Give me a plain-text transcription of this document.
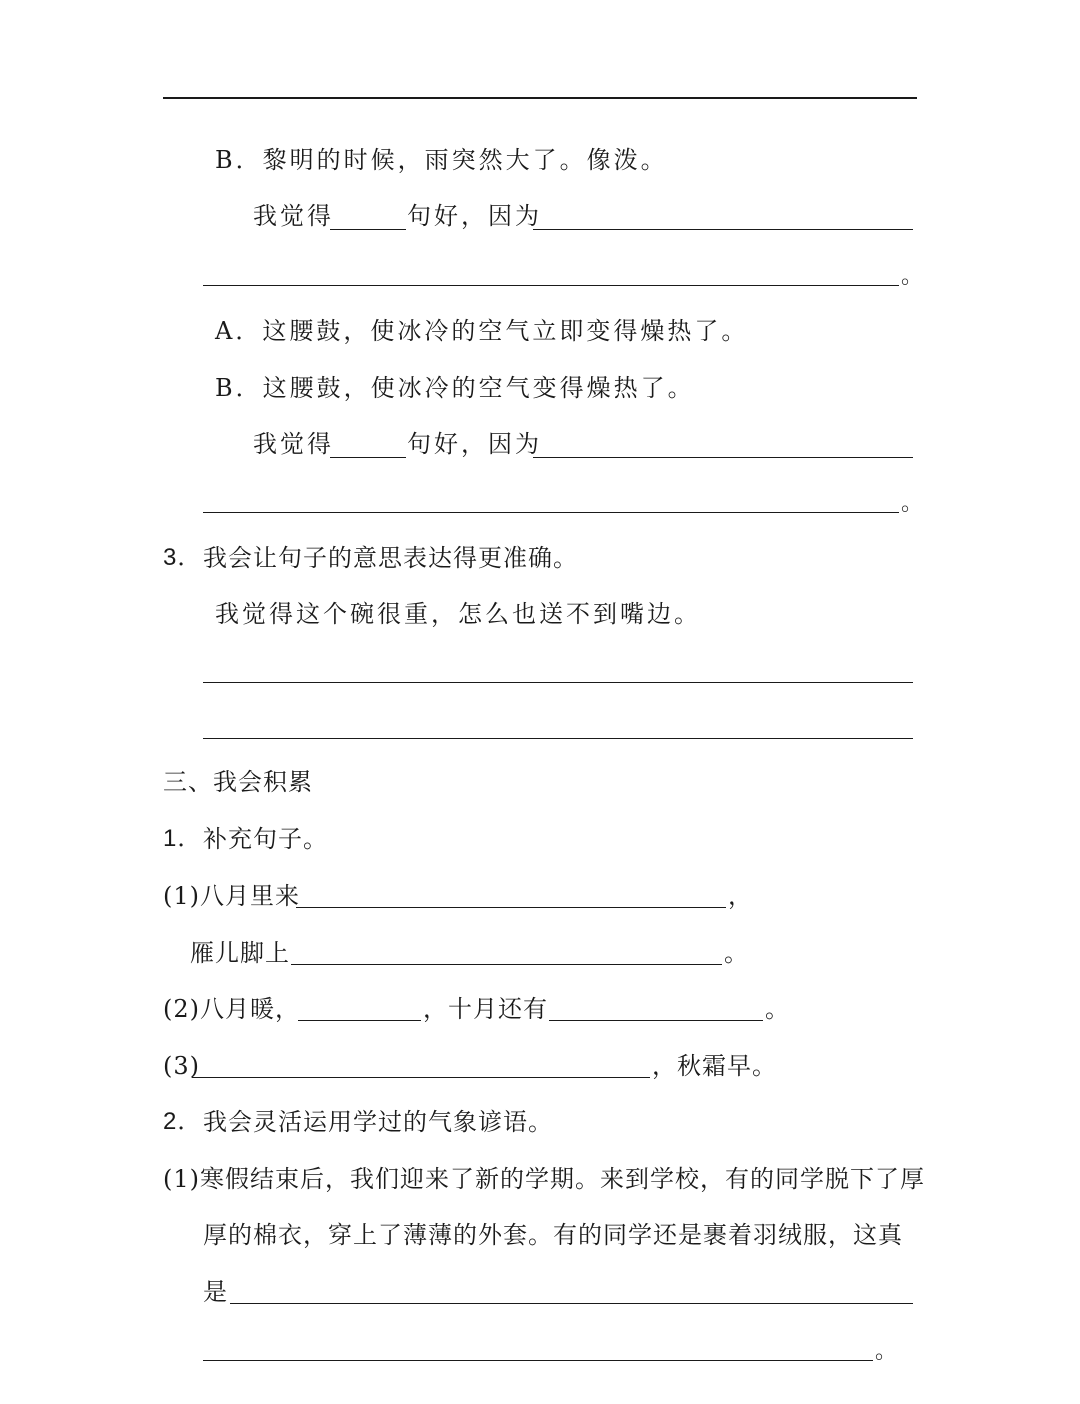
B．黎明的时候，雨突然大了。像泼。
我觉得	句好，因为
。
A．这腰鼓，使冰冷的空气立即变得燥热了。
B．这腰鼓，使冰冷的空气变得燥热了。
我觉得	句好，因为
。
3． 我会让句子的意思表达得更准确。
我觉得这个碗很重，怎么也送不到嘴边。
三、我会积累
1． 补充句子。
(1)八月里来	，
雁儿脚上	。
(2)八月暖，	，十月还有	。
(3)	，秋霜早。
2． 我会灵活运用学过的气象谚语。
(1)寒假结束后，我们迎来了新的学期。来到学校，有的同学脱下了厚
厚的棉衣，穿上了薄薄的外套。有的同学还是裹着羽绒服，这真
是
。
